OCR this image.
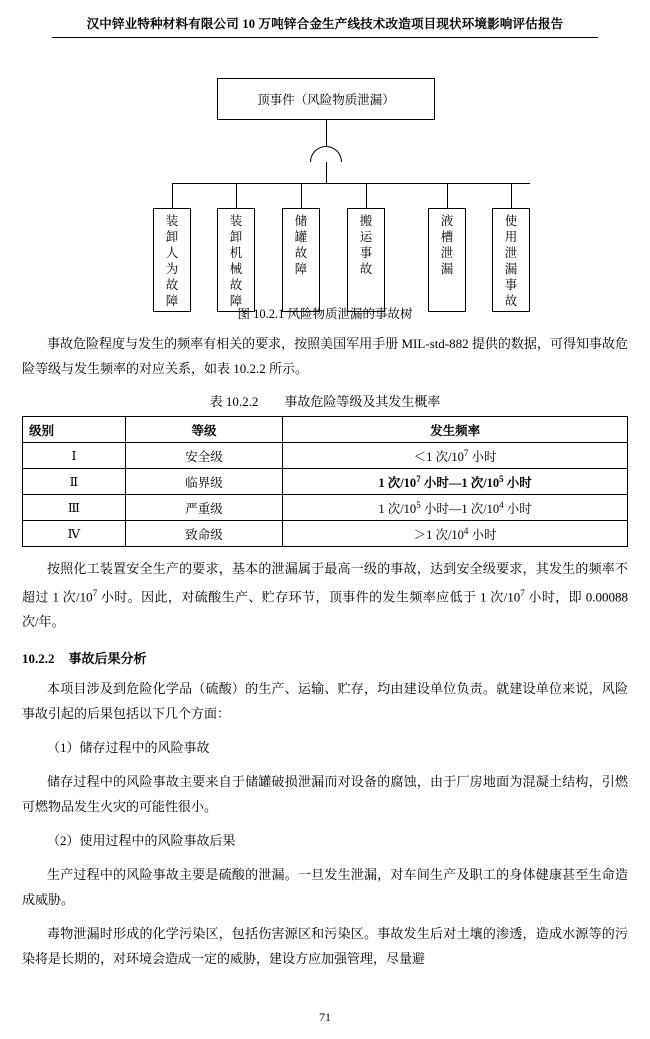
汉中锌业特种材料有限公司 10 万吨锌合金生产线技术改造项目现状环境影响评估报告
顶事件（风险物质泄漏）
装
卸
人
为
故
障
装
卸
机
械
故
障
储
罐
故
障
搬
运
事
故
液
槽
泄
漏
使
用
泄
漏
事
故
图 10.2.1 风险物质泄漏的事故树

事故危险程度与发生的频率有相关的要求，按照美国军用手册 MIL-std-882 提供的数据，可得知事故危险等级与发生频率的对应关系，如表 10.2.2 所示。

表 10.2.2 事故危险等级及其发生概率
级别	等级	发生频率
Ⅰ	安全级	＜1 次$/10^7$ 小时
Ⅱ	临界级	1 次$/10^7$ 小时—1 次$/10^5$ 小时
Ⅲ	严重级	1 次$/10^5$ 小时—1 次$/10^4$ 小时
Ⅳ	致命级	＞1 次$/10^4$ 小时

按照化工装置安全生产的要求，基本的泄漏属于最高一级的事故，达到安全级要求，其发生的频率不超过 1 次$/10^7$ 小时。因此，对硫酸生产、贮存环节，顶事件的发生频率应低于 1 次$/10^7$ 小时，即 0.00088 次/年。

10.2.2 事故后果分析

本项目涉及到危险化学品（硫酸）的生产、运输、贮存，均由建设单位负责。就建设单位来说，风险事故引起的后果包括以下几个方面：

（1）储存过程中的风险事故

储存过程中的风险事故主要来自于储罐破损泄漏而对设备的腐蚀，由于厂房地面为混凝土结构，引燃可燃物品发生火灾的可能性很小。

（2）使用过程中的风险事故后果

生产过程中的风险事故主要是硫酸的泄漏。一旦发生泄漏，对车间生产及职工的身体健康甚至生命造成威胁。

毒物泄漏时形成的化学污染区，包括伤害源区和污染区。事故发生后对土壤的渗透，造成水源等的污染将是长期的，对环境会造成一定的威胁，建设方应加强管理，尽量避

71
